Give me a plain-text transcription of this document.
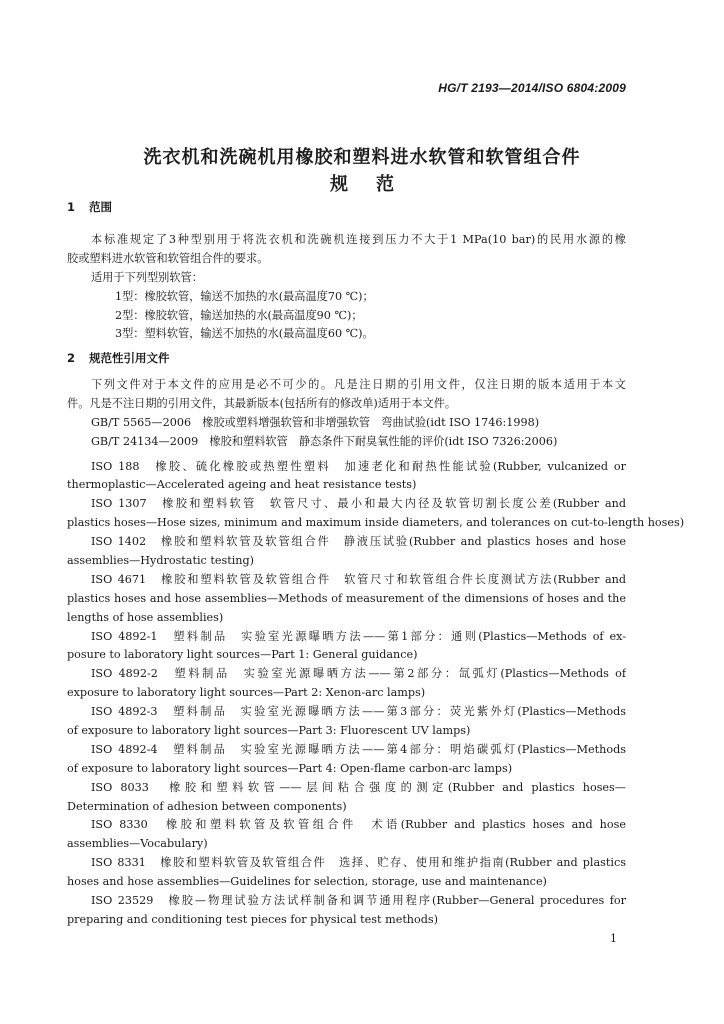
HG/T 2193—2014/ISO 6804:2009
洗衣机和洗碗机用橡胶和塑料进水软管和软管组合件
规范
1 范围
本标准规定了3种型别用于将洗衣机和洗碗机连接到压力不大于1 MPa(10 bar)的民用水源的橡
胶或塑料进水软管和软管组合件的要求。
适用于下列型别软管：
1型：橡胶软管，输送不加热的水(最高温度70 ℃)；
2型：橡胶软管，输送加热的水(最高温度90 ℃)；
3型：塑料软管，输送不加热的水(最高温度60 ℃)。
2 规范性引用文件
下列文件对于本文件的应用是必不可少的。凡是注日期的引用文件，仅注日期的版本适用于本文
件。凡是不注日期的引用文件，其最新版本(包括所有的修改单)适用于本文件。
GB/T 5565—2006　橡胶或塑料增强软管和非增强软管　弯曲试验(idt ISO 1746:1998)
GB/T 24134—2009　橡胶和塑料软管　静态条件下耐臭氧性能的评价(idt ISO 7326:2006)
ISO 188　橡胶、硫化橡胶或热塑性塑料　加速老化和耐热性能试验(Rubber, vulcanized or
thermoplastic—Accelerated ageing and heat resistance tests)
ISO 1307　橡胶和塑料软管　软管尺寸、最小和最大内径及软管切割长度公差(Rubber and
plastics hoses—Hose sizes, minimum and maximum inside diameters, and tolerances on cut-to-length hoses)
ISO 1402　橡胶和塑料软管及软管组合件　静液压试验(Rubber and plastics hoses and hose
assemblies—Hydrostatic testing)
ISO 4671　橡胶和塑料软管及软管组合件　软管尺寸和软管组合件长度测试方法(Rubber and
plastics hoses and hose assemblies—Methods of measurement of the dimensions of hoses and the
lengths of hose assemblies)
ISO 4892-1　塑料制品　实验室光源曝晒方法——第1部分：通则(Plastics—Methods of ex-
posure to laboratory light sources—Part 1: General guidance)
ISO 4892-2　塑料制品　实验室光源曝晒方法——第2部分：氙弧灯(Plastics—Methods of
exposure to laboratory light sources—Part 2: Xenon-arc lamps)
ISO 4892-3　塑料制品　实验室光源曝晒方法——第3部分：荧光紫外灯(Plastics—Methods
of exposure to laboratory light sources—Part 3: Fluorescent UV lamps)
ISO 4892-4　塑料制品　实验室光源曝晒方法——第4部分：明焰碳弧灯(Plastics—Methods
of exposure to laboratory light sources—Part 4: Open-flame carbon-arc lamps)
ISO 8033　橡胶和塑料软管——层间粘合强度的测定(Rubber and plastics hoses—
Determination of adhesion between components)
ISO 8330　橡胶和塑料软管及软管组合件　术语(Rubber and plastics hoses and hose
assemblies—Vocabulary)
ISO 8331　橡胶和塑料软管及软管组合件　选择、贮存、使用和维护指南(Rubber and plastics
hoses and hose assemblies—Guidelines for selection, storage, use and maintenance)
ISO 23529　橡胶—物理试验方法试样制备和调节通用程序(Rubber—General procedures for
preparing and conditioning test pieces for physical test methods)
1
